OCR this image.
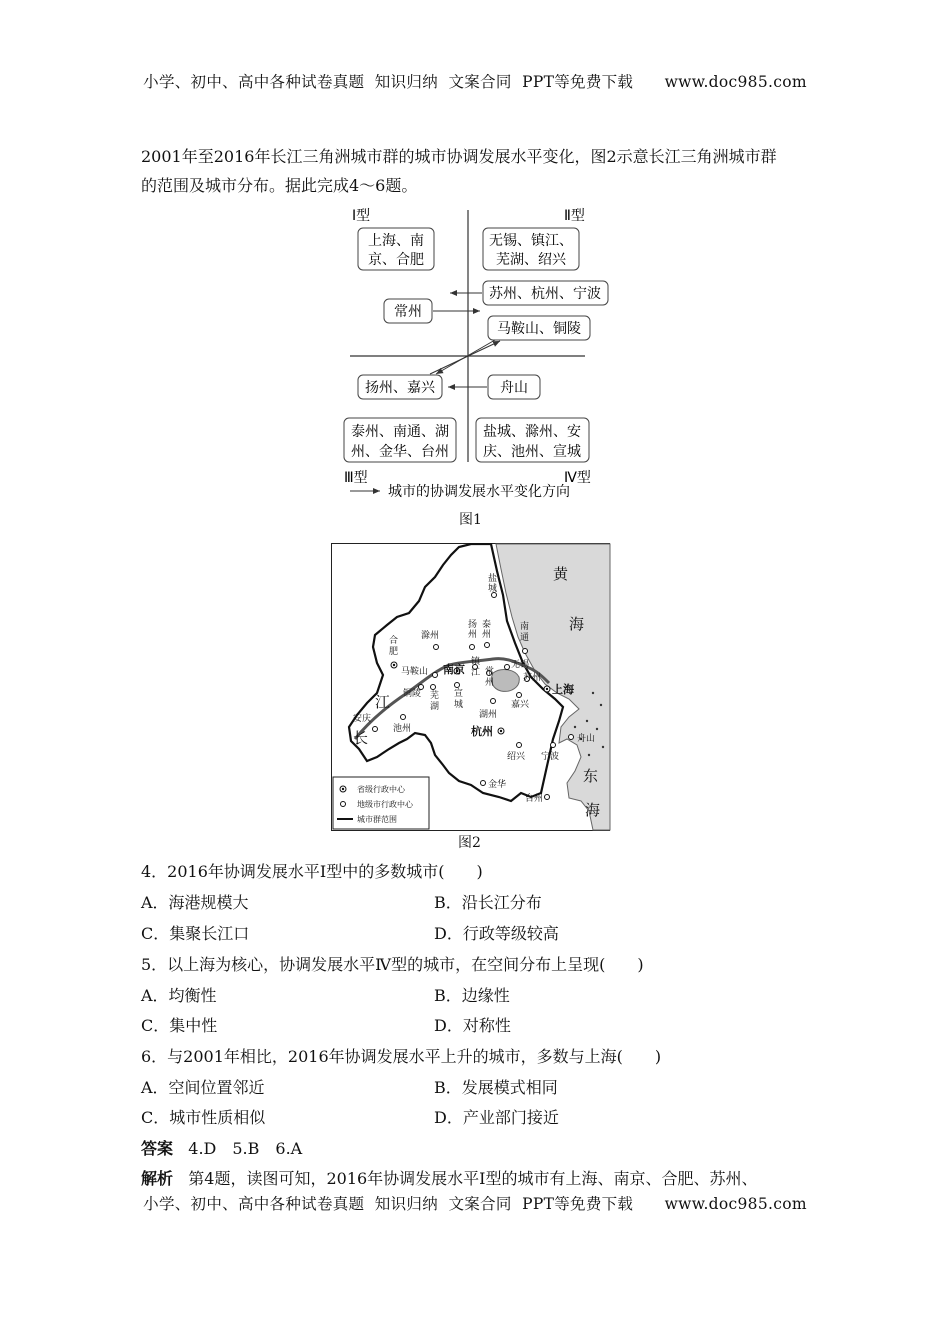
小学、初中、高中各种试卷真题  知识归纳  文案合同  PPT等免费下载      www.doc985.com
2001年至2016年长江三角洲城市群的城市协调发展水平变化，图2示意长江三角洲城市群
的范围及城市分布。据此完成4～6题。
Ⅰ型	Ⅱ型
Ⅲ型	Ⅳ型
上海、南
京、合肥
无锡、镇江、
芜湖、绍兴
苏州、杭州、宁波
常州
马鞍山、铜陵
扬州、嘉兴	舟山
泰州、南通、湖
州、金华、台州
盐城、滁州、安
庆、池州、宣城
城市的协调发展水平变化方向
图1
黄
海
东
海
长
江
盐
城
合
肥
滁州
扬
州
泰
州
南
通
南京
镇
江 常
州
无锡
苏州
上海
马鞍山
铜陵 芜
湖
宣
城	嘉兴
湖州
安庆
池州	杭州
绍兴 宁波
舟山
金华
台州
省级行政中心
地级市行政中心
城市群范围
图2
4．2016年协调发展水平Ⅰ型中的多数城市(　　)
A．海港规模大	B．沿长江分布
C．集聚长江口	D．行政等级较高
5．以上海为核心，协调发展水平Ⅳ型的城市，在空间分布上呈现(　　)
A．均衡性	B．边缘性
C．集中性	D．对称性
6．与2001年相比，2016年协调发展水平上升的城市，多数与上海(　　)
A．空间位置邻近	B．发展模式相同
C．城市性质相似	D．产业部门接近
答案 4.D　5.B　6.A
解析 第4题，读图可知，2016年协调发展水平Ⅰ型的城市有上海、南京、合肥、苏州、
小学、初中、高中各种试卷真题  知识归纳  文案合同  PPT等免费下载      www.doc985.com
